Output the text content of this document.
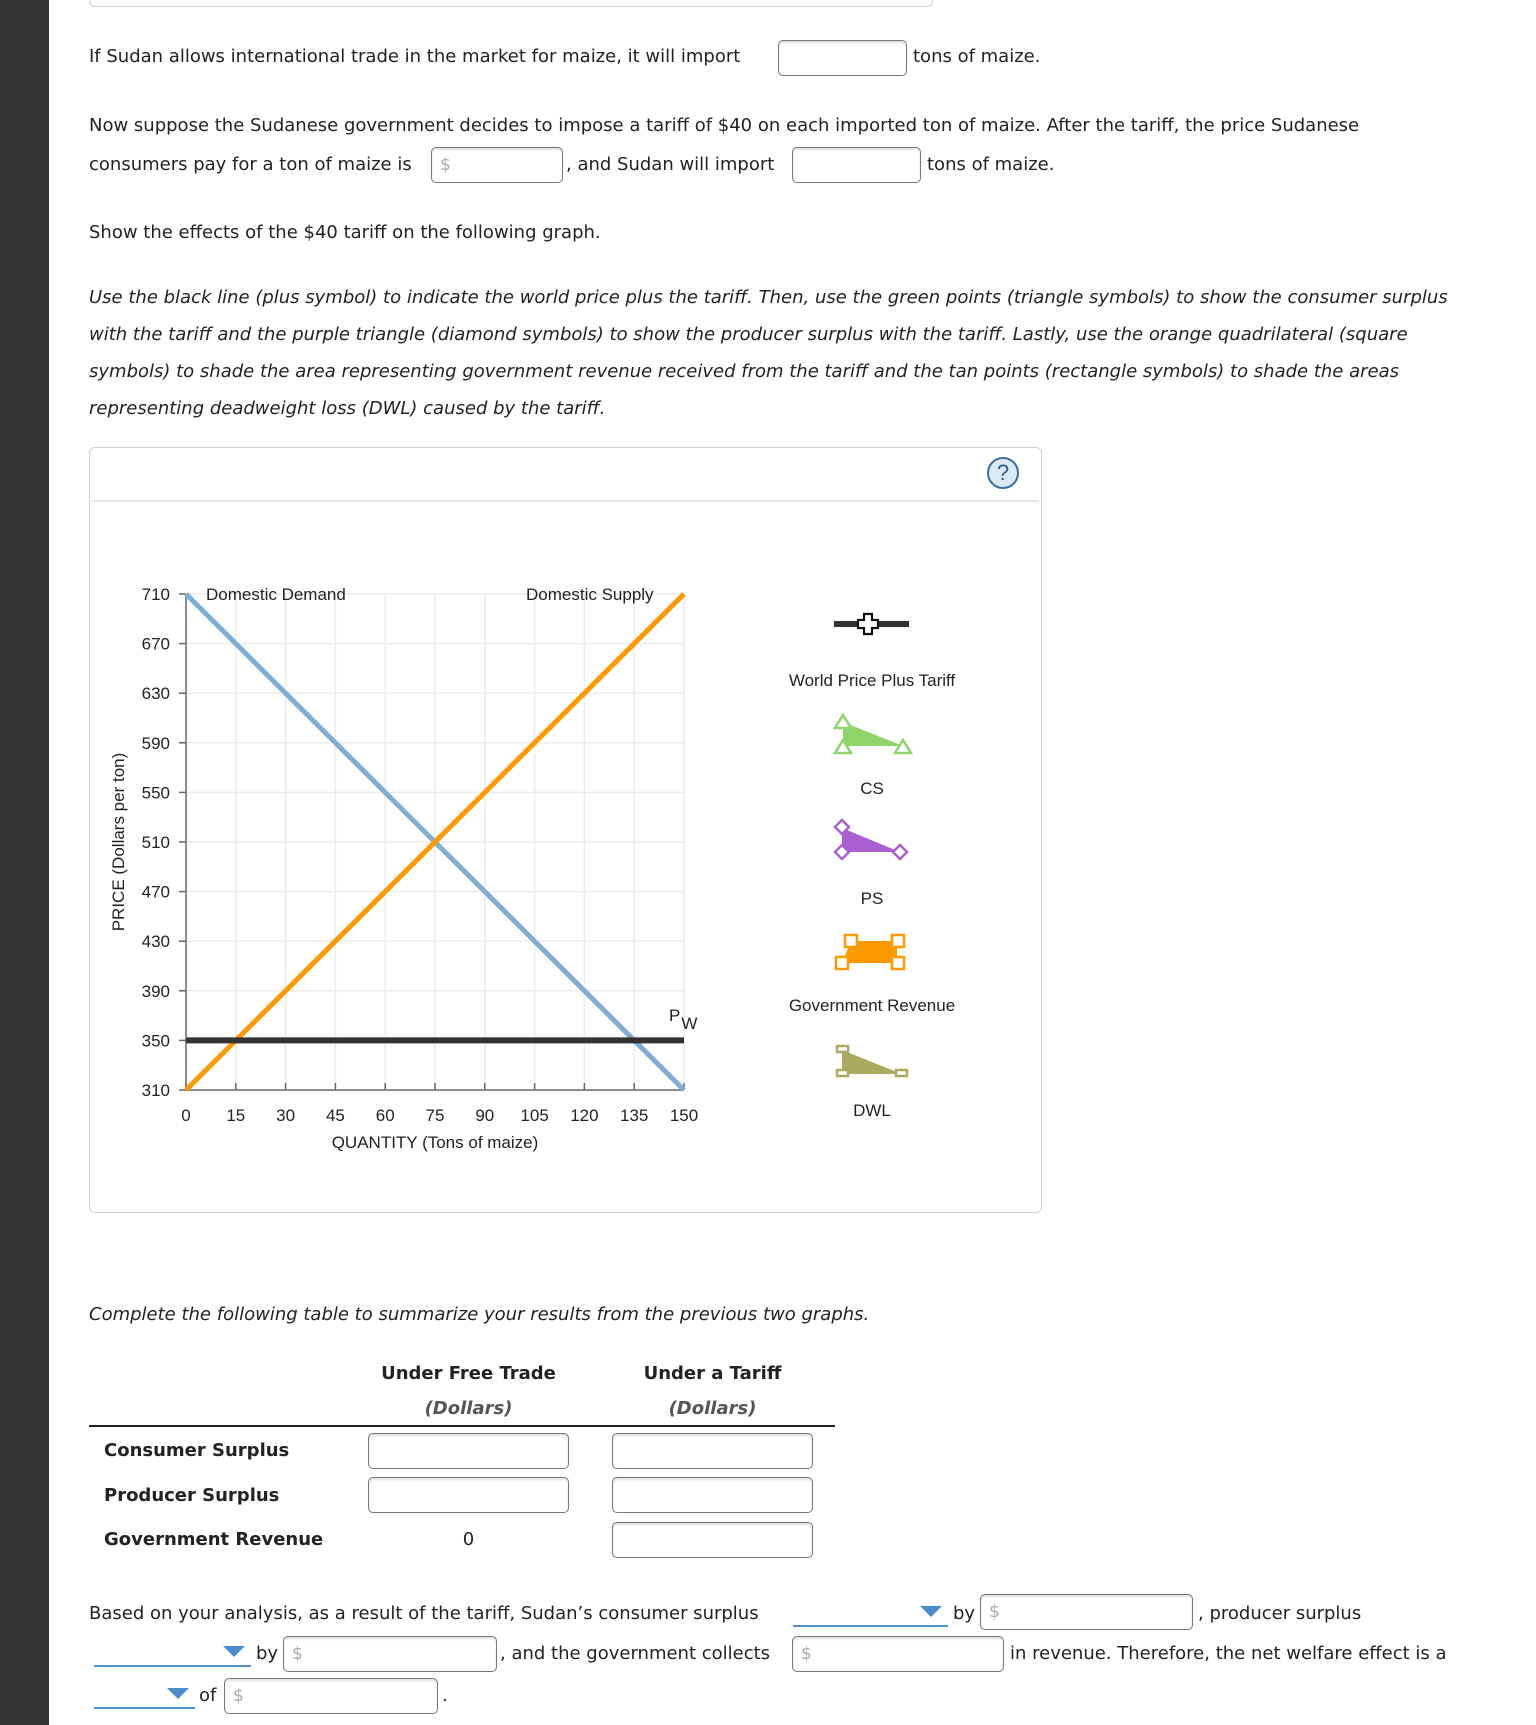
If Sudan allows international trade in the market for maize, it will import	tons of maize.
Now suppose the Sudanese government decides to impose a tariff of $40 on each imported ton of maize. After the tariff, the price Sudanese
consumers pay for a ton of maize is $	, and Sudan will import	tons of maize.
Show the effects of the $40 tariff on the following graph.
Use the black line (plus symbol) to indicate the world price plus the tariff. Then, use the green points (triangle symbols) to show the consumer surplus
with the tariff and the purple triangle (diamond symbols) to show the producer surplus with the tariff. Lastly, use the orange quadrilateral (square
symbols) to shade the area representing government revenue received from the tariff and the tan points (rectangle symbols) to shade the areas
representing deadweight loss (DWL) caused by the tariff.
?
0 15 30 45 60 75 90 105 120 135 150
310
350
390
430
470
510
550
590
630
670
710
QUANTITY (Tons of maize)
PRICE (Dollars per ton)
Domestic Demand	Domestic Supply
PW
World Price Plus Tariff
CS
PS
Government Revenue
DWL
Complete the following table to summarize your results from the previous two graphs.
Under Free Trade
(Dollars)
Under a Tariff
(Dollars)
Consumer Surplus
Producer Surplus
Government Revenue	0
Based on your analysis, as a result of the tariff, Sudan’s consumer surplus	by $	, producer surplus
by $	, and the government collects $	in revenue. Therefore, the net welfare effect is a
of $	.
